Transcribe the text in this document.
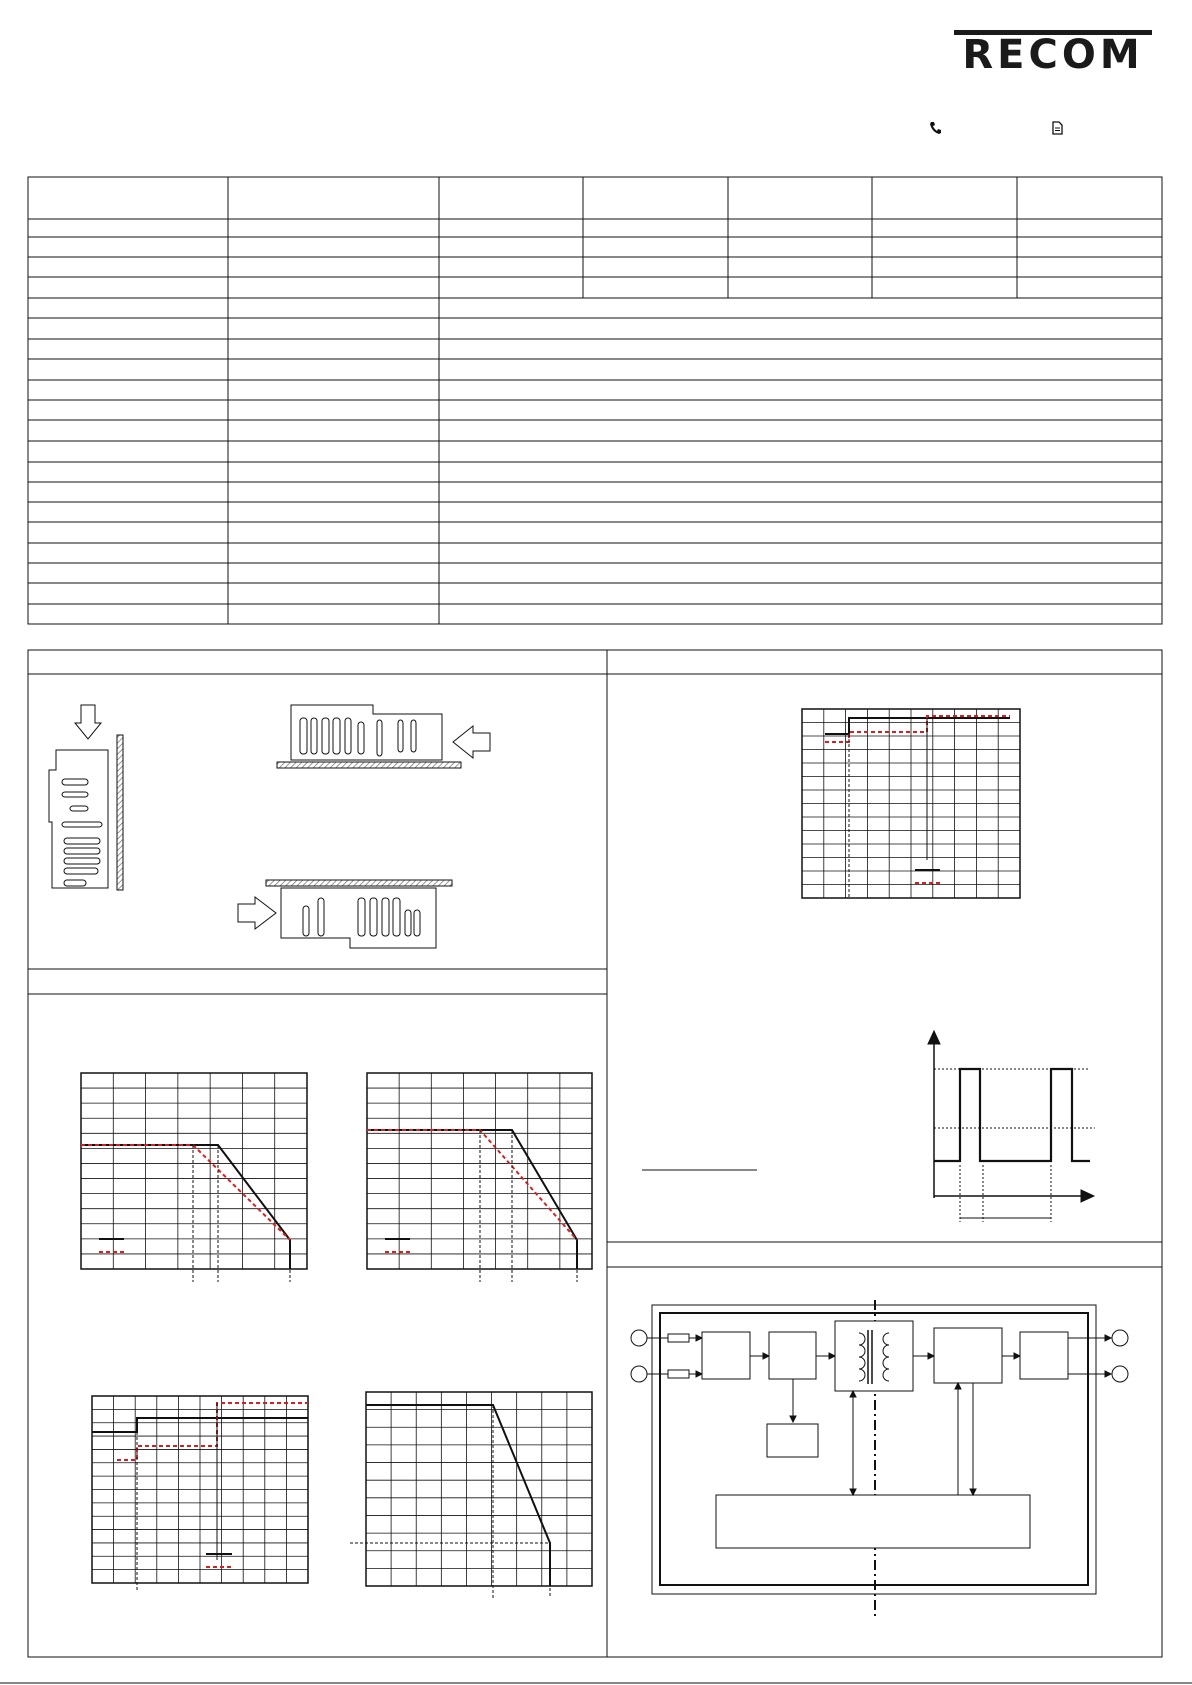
RECOM
